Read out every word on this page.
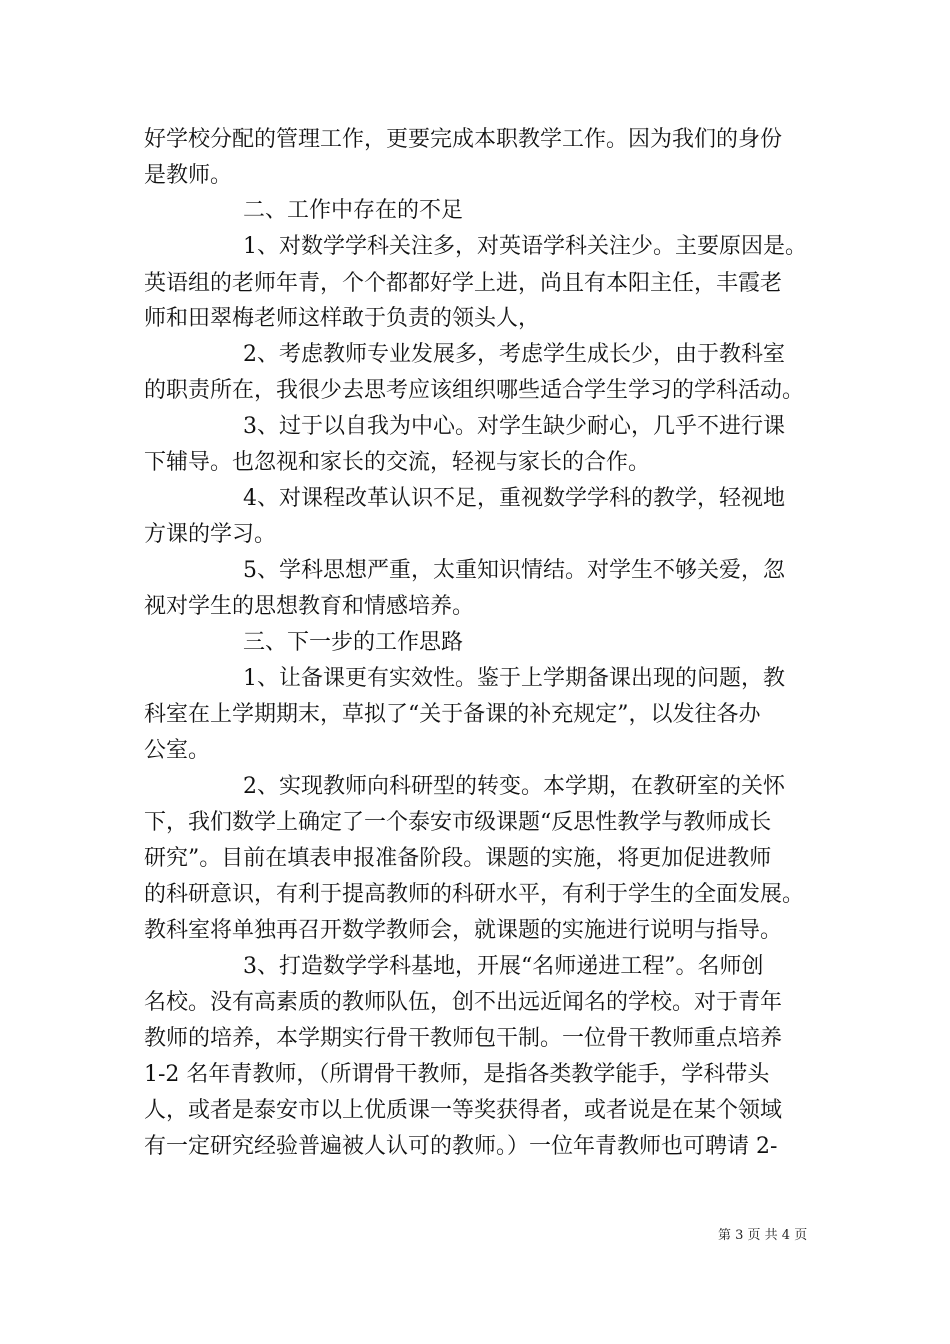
好学校分配的管理工作，更要完成本职教学工作。因为我们的身份
是教师。
二、工作中存在的不足
1、对数学学科关注多，对英语学科关注少。主要原因是。
英语组的老师年青，个个都都好学上进，尚且有本阳主任，丰霞老
师和田翠梅老师这样敢于负责的领头人，
2、考虑教师专业发展多，考虑学生成长少，由于教科室
的职责所在，我很少去思考应该组织哪些适合学生学习的学科活动。
3、过于以自我为中心。对学生缺少耐心，几乎不进行课
下辅导。也忽视和家长的交流，轻视与家长的合作。
4、对课程改革认识不足，重视数学学科的教学，轻视地
方课的学习。
5、学科思想严重，太重知识情结。对学生不够关爱，忽
视对学生的思想教育和情感培养。
三、下一步的工作思路
1、让备课更有实效性。鉴于上学期备课出现的问题，教
科室在上学期期末，草拟了“关于备课的补充规定”，以发往各办
公室。
2、实现教师向科研型的转变。本学期，在教研室的关怀
下，我们数学上确定了一个泰安市级课题“反思性教学与教师成长
研究”。目前在填表申报准备阶段。课题的实施，将更加促进教师
的科研意识，有利于提高教师的科研水平，有利于学生的全面发展。
教科室将单独再召开数学教师会，就课题的实施进行说明与指导。
3、打造数学学科基地，开展“名师递进工程”。名师创
名校。没有高素质的教师队伍，创不出远近闻名的学校。对于青年
教师的培养，本学期实行骨干教师包干制。一位骨干教师重点培养
1-2 名年青教师，（所谓骨干教师，是指各类教学能手，学科带头
人，或者是泰安市以上优质课一等奖获得者，或者说是在某个领域
有一定研究经验普遍被人认可的教师。）一位年青教师也可聘请 2-
第 3 页 共 4 页
